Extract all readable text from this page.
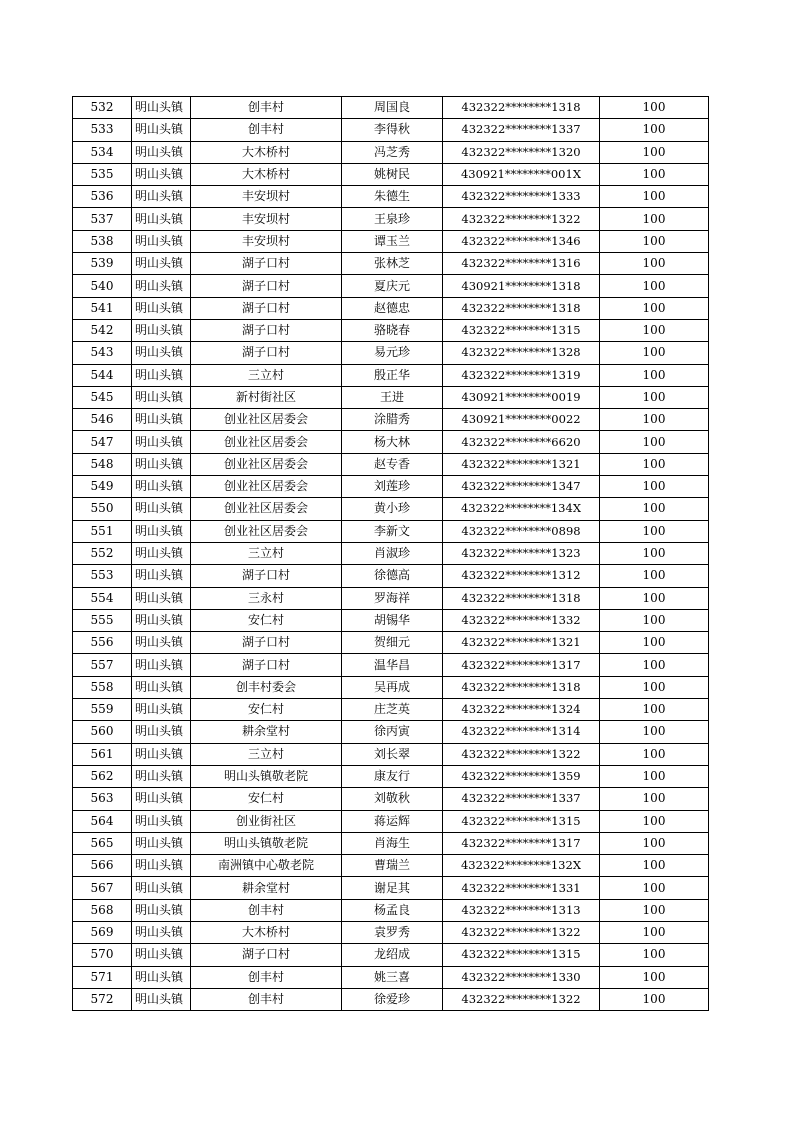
532	明山头镇	创丰村	周国良	432322********1318	100
533	明山头镇	创丰村	李得秋	432322********1337	100
534	明山头镇	大木桥村	冯芝秀	432322********1320	100
535	明山头镇	大木桥村	姚树民	430921********001X	100
536	明山头镇	丰安坝村	朱德生	432322********1333	100
537	明山头镇	丰安坝村	王泉珍	432322********1322	100
538	明山头镇	丰安坝村	谭玉兰	432322********1346	100
539	明山头镇	湖子口村	张林芝	432322********1316	100
540	明山头镇	湖子口村	夏庆元	430921********1318	100
541	明山头镇	湖子口村	赵德忠	432322********1318	100
542	明山头镇	湖子口村	骆晓春	432322********1315	100
543	明山头镇	湖子口村	易元珍	432322********1328	100
544	明山头镇	三立村	殷正华	432322********1319	100
545	明山头镇	新村街社区	王进	430921********0019	100
546	明山头镇	创业社区居委会	涂腊秀	430921********0022	100
547	明山头镇	创业社区居委会	杨大林	432322********6620	100
548	明山头镇	创业社区居委会	赵专香	432322********1321	100
549	明山头镇	创业社区居委会	刘莲珍	432322********1347	100
550	明山头镇	创业社区居委会	黄小珍	432322********134X	100
551	明山头镇	创业社区居委会	李新文	432322********0898	100
552	明山头镇	三立村	肖淑珍	432322********1323	100
553	明山头镇	湖子口村	徐德高	432322********1312	100
554	明山头镇	三永村	罗海祥	432322********1318	100
555	明山头镇	安仁村	胡锡华	432322********1332	100
556	明山头镇	湖子口村	贺细元	432322********1321	100
557	明山头镇	湖子口村	温华昌	432322********1317	100
558	明山头镇	创丰村委会	吴再成	432322********1318	100
559	明山头镇	安仁村	庄芝英	432322********1324	100
560	明山头镇	耕余堂村	徐丙寅	432322********1314	100
561	明山头镇	三立村	刘长翠	432322********1322	100
562	明山头镇	明山头镇敬老院	康友行	432322********1359	100
563	明山头镇	安仁村	刘敬秋	432322********1337	100
564	明山头镇	创业街社区	蒋运辉	432322********1315	100
565	明山头镇	明山头镇敬老院	肖海生	432322********1317	100
566	明山头镇	南洲镇中心敬老院	曹瑞兰	432322********132X	100
567	明山头镇	耕余堂村	谢足其	432322********1331	100
568	明山头镇	创丰村	杨孟良	432322********1313	100
569	明山头镇	大木桥村	袁罗秀	432322********1322	100
570	明山头镇	湖子口村	龙绍成	432322********1315	100
571	明山头镇	创丰村	姚三喜	432322********1330	100
572	明山头镇	创丰村	徐爱珍	432322********1322	100
